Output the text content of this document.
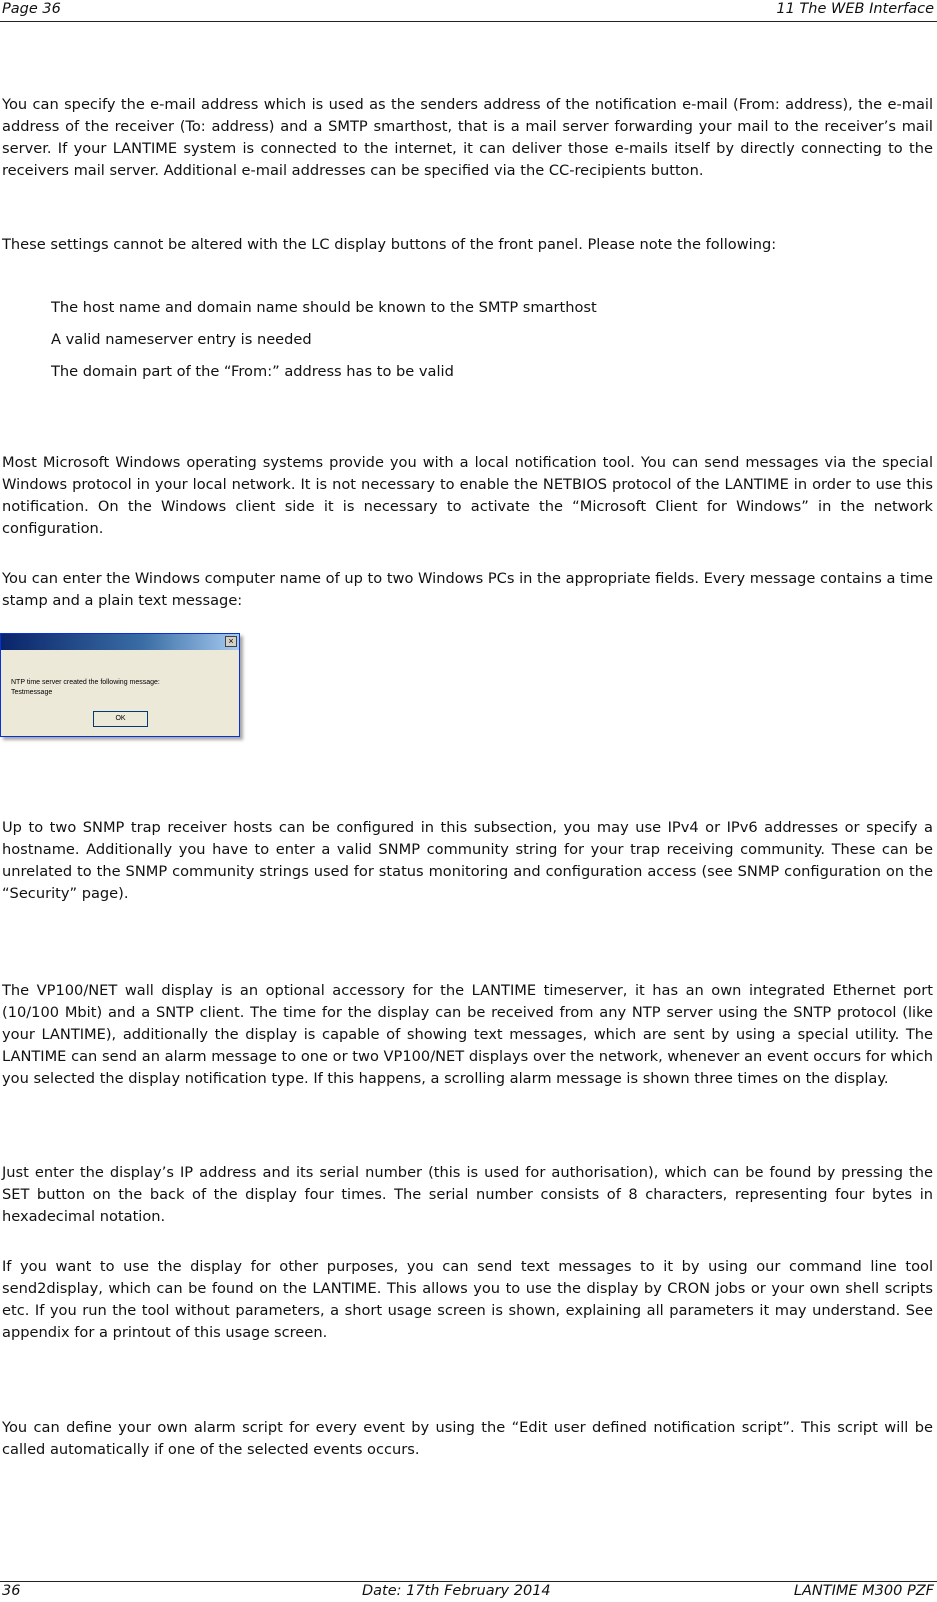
Page 36	11 The WEB Interface

You can specify the e-mail address which is used as the senders address of the notification e-mail (From: address), the e-mail address of the receiver (To: address) and a SMTP smarthost, that is a mail server forwarding your mail to the receiver’s mail server. If your LANTIME system is connected to the internet, it can deliver those e-mails itself by directly connecting to the receivers mail server. Additional e-mail addresses can be specified via the CC-recipients button.

These settings cannot be altered with the LC display buttons of the front panel. Please note the following:

The host name and domain name should be known to the SMTP smarthost
A valid nameserver entry is needed
The domain part of the “From:” address has to be valid

Most Microsoft Windows operating systems provide you with a local notification tool. You can send messages via the special Windows protocol in your local network. It is not necessary to enable the NETBIOS protocol of the LANTIME in order to use this notification. On the Windows client side it is necessary to activate the “Microsoft Client for Windows” in the network configuration.

You can enter the Windows computer name of up to two Windows PCs in the appropriate fields. Every message contains a time stamp and a plain text message:

×
NTP time server created the following message:
Testmessage
OK

Up to two SNMP trap receiver hosts can be configured in this subsection, you may use IPv4 or IPv6 addresses or specify a hostname. Additionally you have to enter a valid SNMP community string for your trap receiving community. These can be unrelated to the SNMP community strings used for status monitoring and configuration access (see SNMP configuration on the “Security” page).

The VP100/NET wall display is an optional accessory for the LANTIME timeserver, it has an own integrated Ethernet port (10/100 Mbit) and a SNTP client. The time for the display can be received from any NTP server using the SNTP protocol (like your LANTIME), additionally the display is capable of showing text messages, which are sent by using a special utility. The LANTIME can send an alarm message to one or two VP100/NET displays over the network, whenever an event occurs for which you selected the display notification type. If this happens, a scrolling alarm message is shown three times on the display.

Just enter the display’s IP address and its serial number (this is used for authorisation), which can be found by pressing the SET button on the back of the display four times. The serial number consists of 8 characters, representing four bytes in hexadecimal notation.

If you want to use the display for other purposes, you can send text messages to it by using our command line tool send2display, which can be found on the LANTIME. This allows you to use the display by CRON jobs or your own shell scripts etc. If you run the tool without parameters, a short usage screen is shown, explaining all parameters it may understand. See appendix for a printout of this usage screen.

You can define your own alarm script for every event by using the “Edit user defined notification script”. This script will be called automatically if one of the selected events occurs.

36	Date: 17th February 2014	LANTIME M300 PZF
